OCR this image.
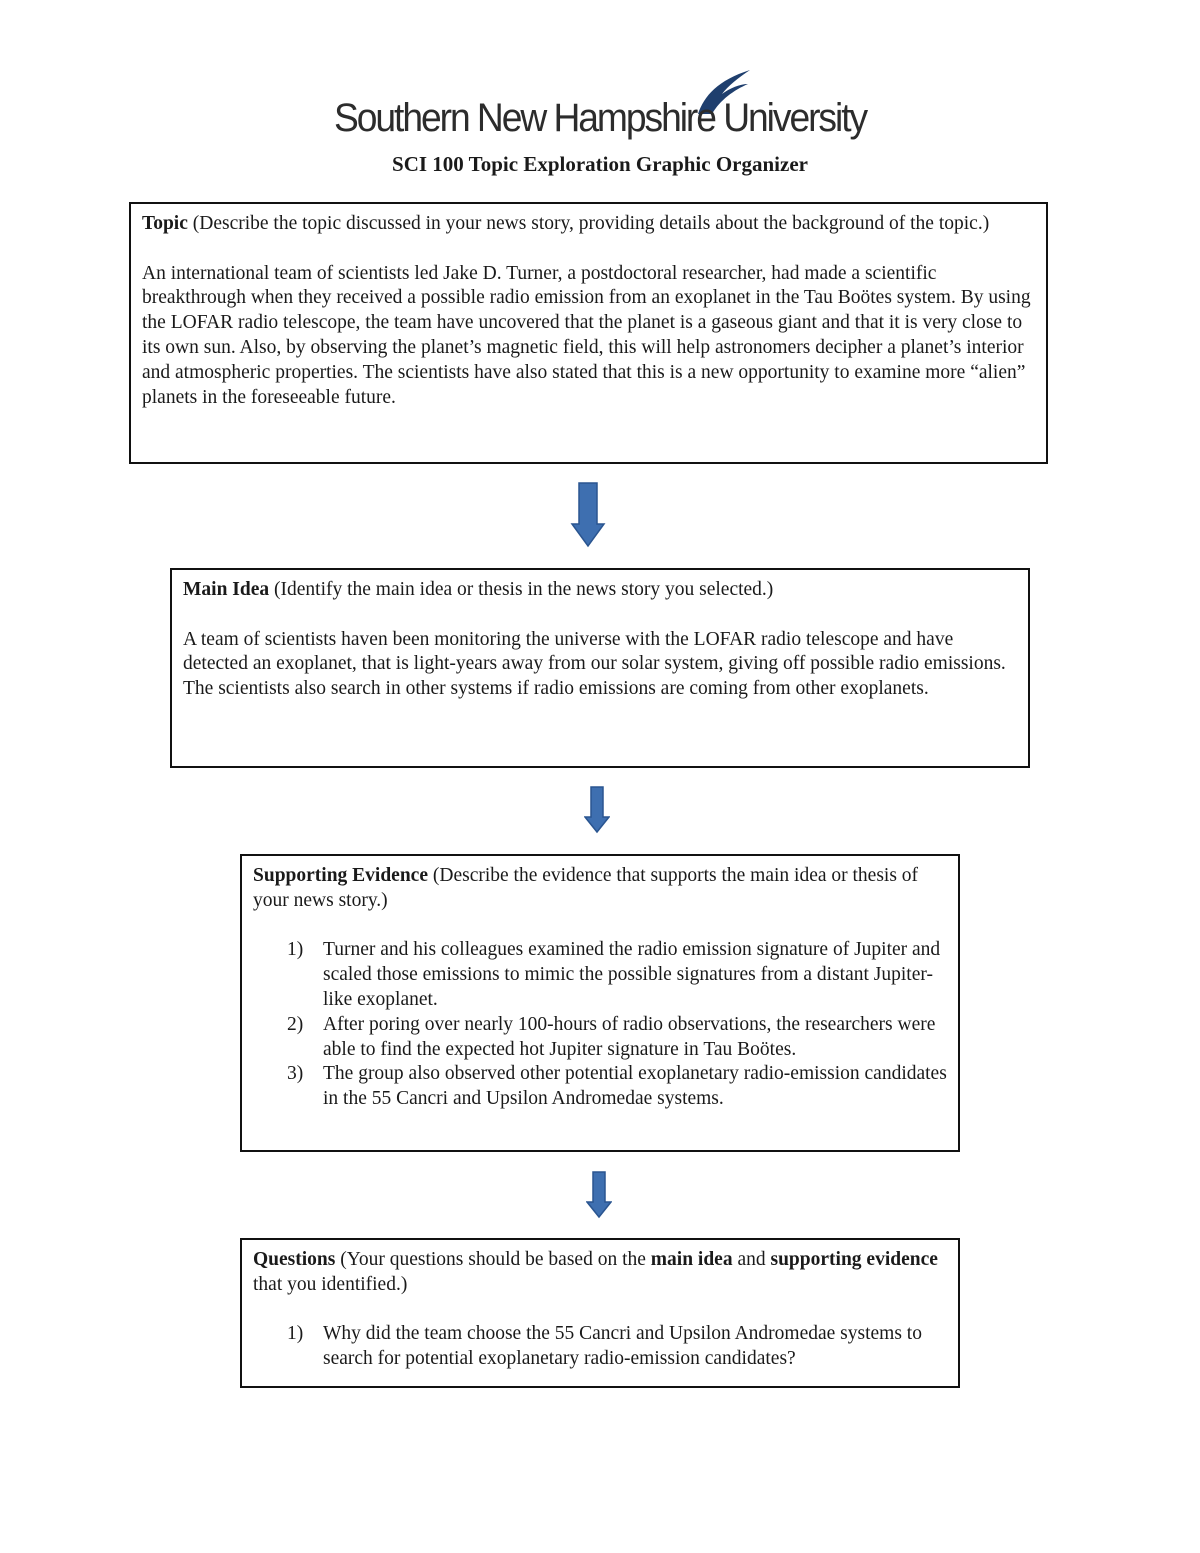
Southern New Hampshire University
SCI 100 Topic Exploration Graphic Organizer

Topic (Describe the topic discussed in your news story, providing details about the background of the topic.)

An international team of scientists led Jake D. Turner, a postdoctoral researcher, had made a scientific breakthrough when they received a possible radio emission from an exoplanet in the Tau Boötes system. By using the LOFAR radio telescope, the team have uncovered that the planet is a gaseous giant and that it is very close to its own sun. Also, by observing the planet’s magnetic field, this will help astronomers decipher a planet’s interior and atmospheric properties. The scientists have also stated that this is a new opportunity to examine more “alien” planets in the foreseeable future.

Main Idea (Identify the main idea or thesis in the news story you selected.)

A team of scientists haven been monitoring the universe with the LOFAR radio telescope and have detected an exoplanet, that is light-years away from our solar system, giving off possible radio emissions. The scientists also search in other systems if radio emissions are coming from other exoplanets.

Supporting Evidence (Describe the evidence that supports the main idea or thesis of your news story.)

1) Turner and his colleagues examined the radio emission signature of Jupiter and scaled those emissions to mimic the possible signatures from a distant Jupiter-like exoplanet.
2) After poring over nearly 100-hours of radio observations, the researchers were able to find the expected hot Jupiter signature in Tau Boötes.
3) The group also observed other potential exoplanetary radio-emission candidates in the 55 Cancri and Upsilon Andromedae systems.

Questions (Your questions should be based on the main idea and supporting evidence that you identified.)

1) Why did the team choose the 55 Cancri and Upsilon Andromedae systems to search for potential exoplanetary radio-emission candidates?
